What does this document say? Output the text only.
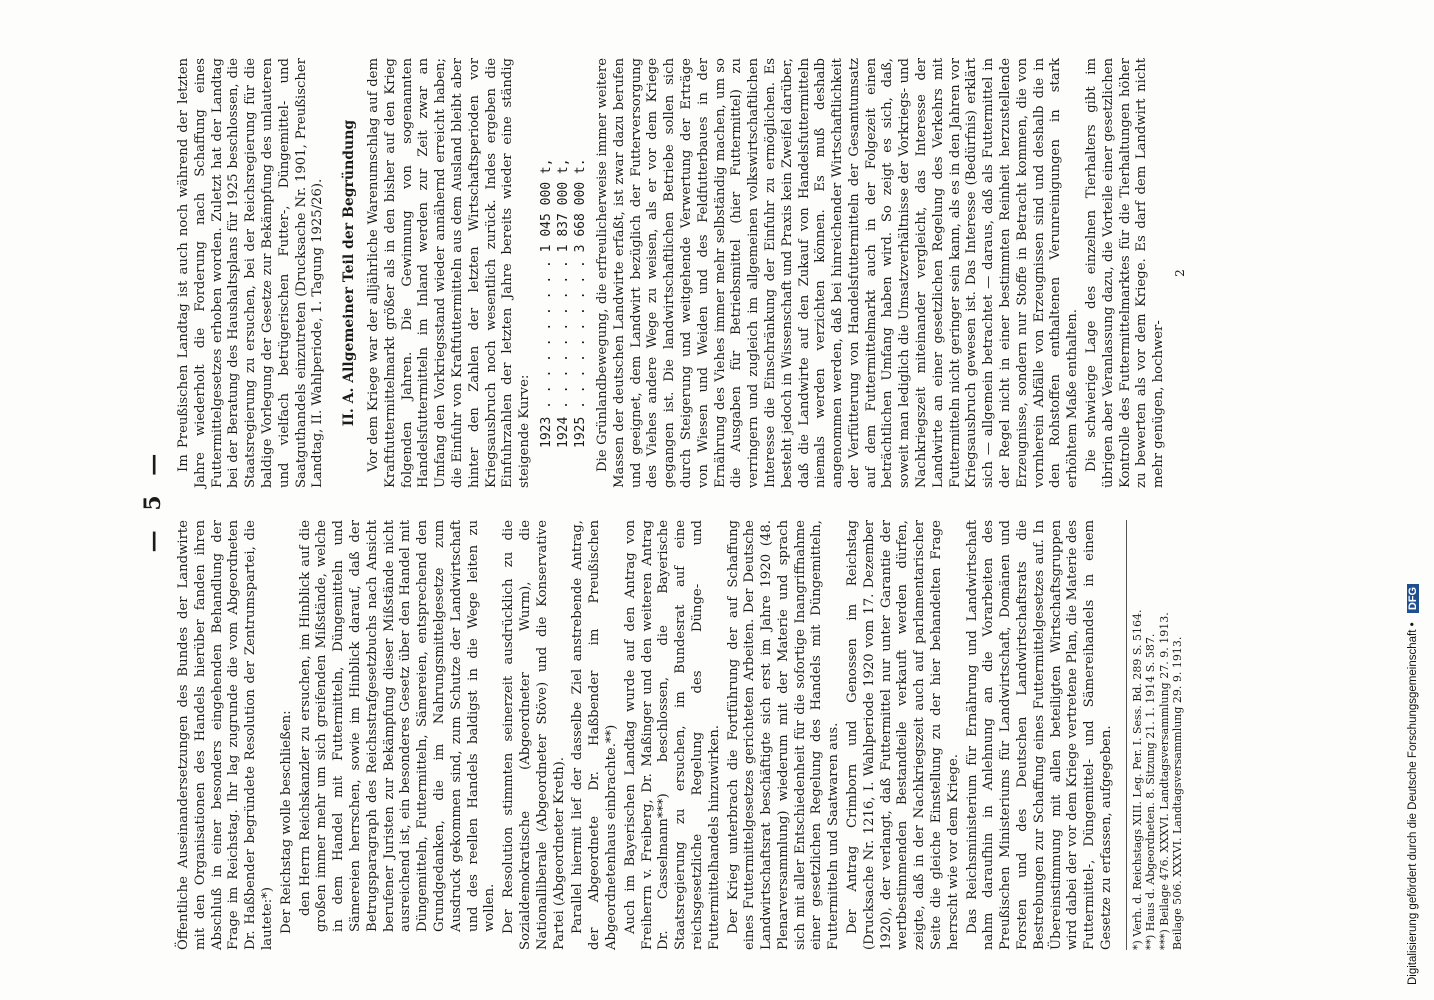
— 5 —

Öffentliche Auseinandersetzungen des Bundes der Landwirte mit den Organisationen des Handels hierüber fanden ihren Abschluß in einer besonders eingehenden Behandlung der Frage im Reichstag. Ihr lag zugrunde die vom Abgeordneten Dr. Haßbender begründete Resolution der Zentrumspartei, die lautete:*) Der Reichstag wolle beschließen: den Herrn Reichskanzler zu ersuchen, im Hinblick auf die großen immer mehr um sich greifenden Mißstände, welche in dem Handel mit Futtermitteln, Düngemitteln und Sämereien herrschen, sowie im Hinblick darauf, daß der Betrugsparagraph des Reichsstrafgesetzbuchs nach Ansicht berufener Juristen zur Bekämpfung dieser Mißstände nicht ausreichend ist, ein besonderes Gesetz über den Handel mit Düngemitteln, Futtermitteln, Sämereien, entsprechend den Grundgedanken, die im Nahrungsmittelgesetze zum Ausdruck gekommen sind, zum Schutze der Landwirtschaft und des reellen Handels baldigst in die Wege leiten zu wollen. Der Resolution stimmten seinerzeit ausdrücklich zu die Sozialdemokratische (Abgeordneter Wurm), die Nationalliberale (Abgeordneter Stöve) und die Konservative Partei (Abgeordneter Kreth). Parallel hiermit lief der dasselbe Ziel anstrebende Antrag, der Abgeordnete Dr. Haßbender im Preußischen Abgeordnetenhaus einbrachte.**) Auch im Bayerischen Landtag wurde auf den Antrag von Freiherrn v. Freiberg, Dr. Maßinger und den weiteren Antrag Dr. Casselmann***) beschlossen, die Bayerische Staatsregierung zu ersuchen, im Bundesrat auf eine reichsgesetzliche Regelung des Dünge- und Futtermittelhandels hinzuwirken. Der Krieg unterbrach die Fortführung der auf Schaffung eines Futtermittelgesetzes gerichteten Arbeiten. Der Deutsche Landwirtschaftsrat beschäftigte sich erst im Jahre 1920 (48. Plenarversammlung) wiederum mit der Materie und sprach sich mit aller Entschiedenheit für die sofortige Inangriffnahme einer gesetzlichen Regelung des Handels mit Düngemitteln, Futtermitteln und Saatwaren aus. Der Antrag Crimborn und Genossen im Reichstag (Drucksache Nr. 1216, I. Wahlperiode 1920 vom 17. Dezember 1920), der verlangt, daß Futtermittel nur unter Garantie der wertbestimmenden Bestandteile verkauft werden dürfen, zeigte, daß in der Nachkriegszeit auch auf parlamentarischer Seite die gleiche Einstellung zu der hier behandelten Frage herrscht wie vor dem Kriege. Das Reichsministerium für Ernährung und Landwirtschaft nahm daraufhin in Anlehnung an die Vorarbeiten des Preußischen Ministeriums für Landwirtschaft, Domänen und Forsten und des Deutschen Landwirtschaftsrats die Bestrebungen zur Schaffung eines Futtermittelgesetzes auf. In Übereinstimmung mit allen beteiligten Wirtschaftsgruppen wird dabei der vor dem Kriege vertretene Plan, die Materie des Futtermittel-, Düngemittel- und Sämereihandels in einem Gesetze zu erfassen, aufgegeben. *) Verh. d. Reichstags XIII. Leg. Per. I. Sess. Bd. 289 S. 5164. **) Haus d. Abgeordneten. 8. Sitzung 21. 1. 1914 S. 587. ***) Beilage 476. XXXVI. Landtagsversammlung 27. 9. 1913. Beilage 506. XXXVI. Landtagsversammlung 29. 9. 1913.

Im Preußischen Landtag ist auch noch während der letzten Jahre wiederholt die Forderung nach Schaffung eines Futtermittelgesetzes erhoben worden. Zuletzt hat der Landtag bei der Beratung des Haushaltsplans für 1925 beschlossen, die Staatsregierung zu ersuchen, bei der Reichsregierung für die baldige Vorlegung der Gesetze zur Bekämpfung des unlauteren und vielfach betrügerischen Futter-, Düngemittel- und Saatguthandels einzutreten (Drucksache Nr. 1901, Preußischer Landtag, II. Wahlperiode, 1. Tagung 1925/26). II. A. Allgemeiner Teil der Begründung Vor dem Kriege war der alljährliche Warenumschlag auf dem Kraftfuttermittelmarkt größer als in den bisher auf den Krieg folgenden Jahren. Die Gewinnung von sogenannten Handelsfuttermitteln im Inland werden zur Zeit zwar an Umfang den Vorkriegsstand wieder annähernd erreicht haben; die Einfuhr von Kraftfuttermitteln aus dem Ausland bleibt aber hinter den Zahlen der letzten Wirtschaftsperioden vor Kriegsausbruch noch wesentlich zurück. Indes ergeben die Einfuhrzahlen der letzten Jahre bereits wieder eine ständig steigende Kurve: 1923 . . . . . . . . . . 1 045 000 t, 1924 . . . . . . . . . . 1 837 000 t, 1925 . . . . . . . . . . 3 668 000 t. Die Grünlandbewegung, die erfreulicherweise immer weitere Massen der deutschen Landwirte erfaßt, ist zwar dazu berufen und geeignet, dem Landwirt bezüglich der Futterversorgung des Viehes andere Wege zu weisen, als er vor dem Kriege gegangen ist. Die landwirtschaftlichen Betriebe sollen sich durch Steigerung und weitgehende Verwertung der Erträge von Wiesen und Weiden und des Feldfutterbaues in der Ernährung des Viehes immer mehr selbständig machen, um so die Ausgaben für Betriebsmittel (hier Futtermittel) zu verringern und zugleich im allgemeinen volkswirtschaftlichen Interesse die Einschränkung der Einfuhr zu ermöglichen. Es besteht jedoch in Wissenschaft und Praxis kein Zweifel darüber, daß die Landwirte auf den Zukauf von Handelsfuttermitteln niemals werden verzichten können. Es muß deshalb angenommen werden, daß bei hinreichender Wirtschaftlichkeit der Verfütterung von Handelsfuttermitteln der Gesamtumsatz auf dem Futtermittelmarkt auch in der Folgezeit einen beträchtlichen Umfang haben wird. So zeigt es sich, daß, soweit man lediglich die Umsatzverhältnisse der Vorkriegs- und Nachkriegszeit miteinander vergleicht, das Interesse der Landwirte an einer gesetzlichen Regelung des Verkehrs mit Futtermitteln nicht geringer sein kann, als es in den Jahren vor Kriegsausbruch gewesen ist. Das Interesse (Bedürfnis) erklärt sich — allgemein betrachtet — daraus, daß als Futtermittel in der Regel nicht in einer bestimmten Reinheit herzustellende Erzeugnisse, sondern nur Stoffe in Betracht kommen, die von vornherein Abfälle von Erzeugnissen sind und deshalb die in den Rohstoffen enthaltenen Verunreinigungen in stark erhöhtem Maße enthalten. Die schwierige Lage des einzelnen Tierhalters gibt im übrigen aber Veranlassung dazu, die Vorteile einer gesetzlichen Kontrolle des Futtermittelmarktes für die Tierhaltungen höher zu bewerten als vor dem Kriege. Es darf dem Landwirt nicht mehr genügen, hochwer-

2
Digitalisierung gefördert durch die Deutsche Forschungsgemeinschaft • DFG
